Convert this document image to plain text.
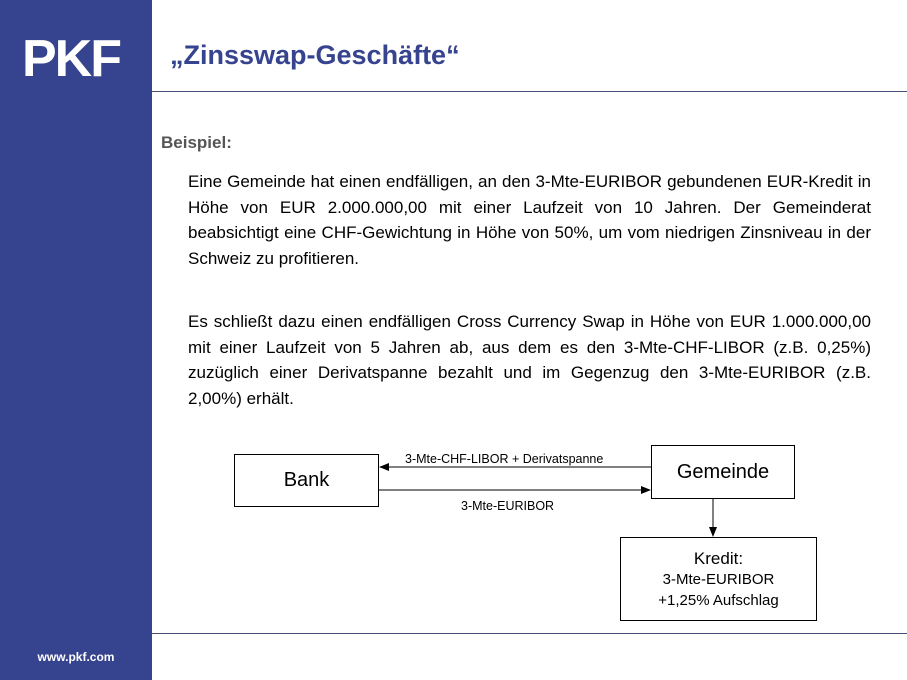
PKF
www.pkf.com
„Zinsswap-Geschäfte“
Beispiel:
Eine Gemeinde hat einen endfälligen, an den 3-Mte-EURIBOR gebundenen EUR-Kredit in Höhe von EUR 2.000.000,00 mit einer Laufzeit von 10 Jahren. Der Gemeinderat beabsichtigt eine CHF-Gewichtung in Höhe von 50%, um vom niedrigen Zinsniveau in der Schweiz zu profitieren.
Es schließt dazu einen endfälligen Cross Currency Swap in Höhe von EUR 1.000.000,00 mit einer Laufzeit von 5 Jahren ab, aus dem es den 3-Mte-CHF-LIBOR (z.B. 0,25%) zuzüglich einer Derivatspanne bezahlt und im Gegenzug den 3-Mte-EURIBOR (z.B. 2,00%) erhält.
3-Mte-CHF-LIBOR + Derivatspanne
3-Mte-EURIBOR
Bank	Gemeinde
Kredit:
3-Mte-EURIBOR
+1,25% Aufschlag
